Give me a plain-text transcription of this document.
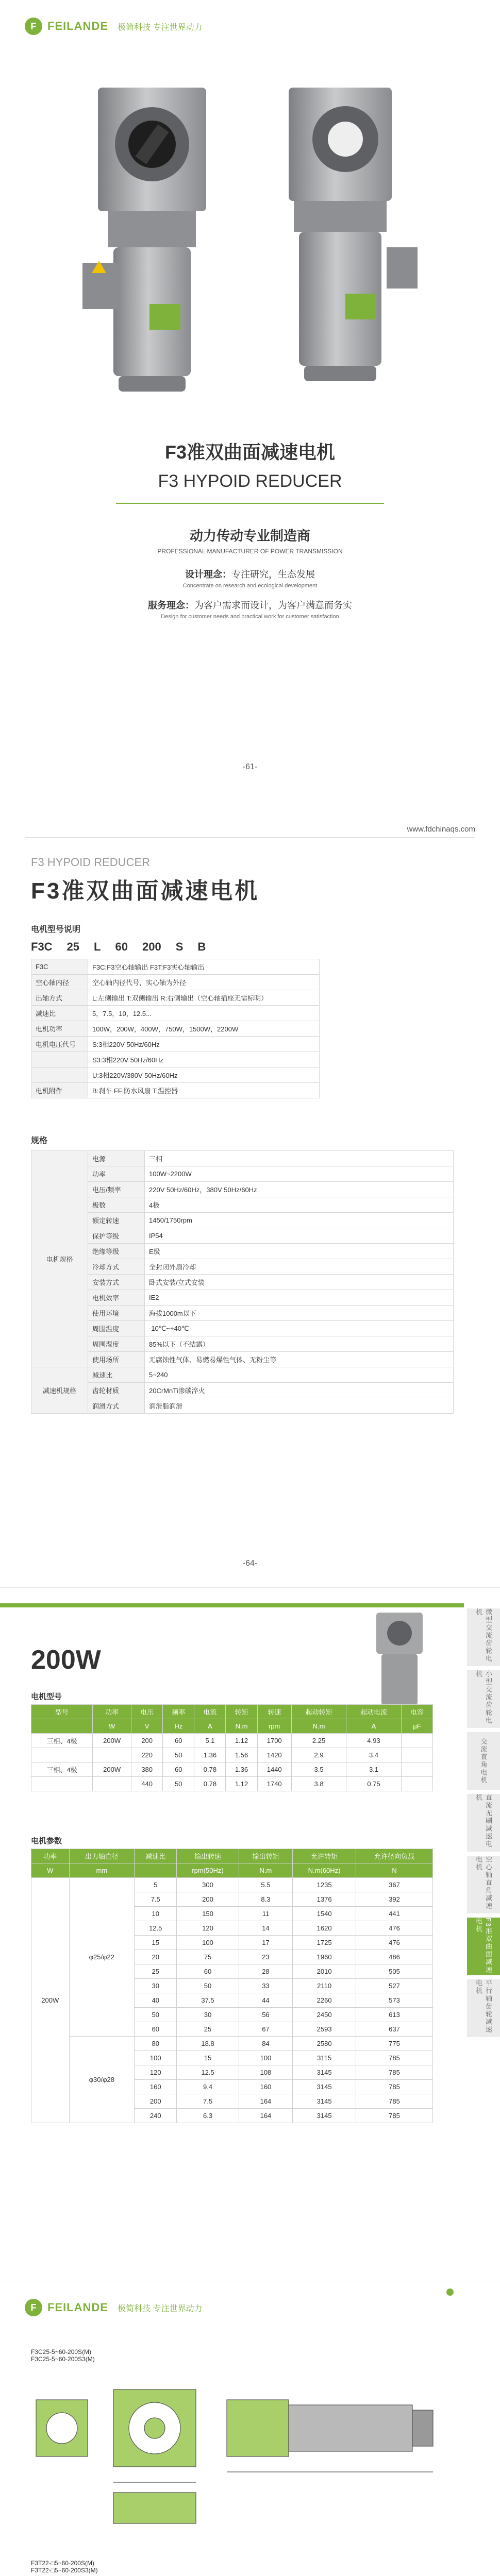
F FEILANDE 极简科技 专注世界动力
F3准双曲面减速电机
F3 HYPOID REDUCER
动力传动专业制造商
PROFESSIONAL MANUFACTURER OF POWER TRANSMISSION
设计理念：专注研究，生态发展
Concentrate on research and ecological development
服务理念：为客户需求而设计，为客户满意而务实
Design for customer needs and practical work for customer satisfaction
-61-
www.fdchinaqs.com
F3 HYPOID REDUCER
F3准双曲面减速电机
电机型号说明
F3C 25 L 60 200 S B
F3C	F3C:F3空心轴输出 F3T:F3实心轴输出
空心轴内径	空心轴内径代号，实心轴为外径
出轴方式	L:左侧输出 T:双侧输出 R:右侧输出（空心轴插座无需标明）
减速比	5，7.5，10，12.5...
电机功率	100W，200W，400W，750W，1500W，2200W
电机电压代号	S:3相220V 50Hz/60Hz
	S3:3相220V 50Hz/60Hz
	U:3相220V/380V 50Hz/60Hz
电机附件	B:刹车 FF:防水风扇 T:温控器
规格
电机规格	电源	三相
	功率	100W~2200W
	电压/频率	220V 50Hz/60Hz，380V 50Hz/60Hz
	极数	4极
	额定转速	1450/1750rpm
	保护等级	IP54
	绝缘等级	E级
	冷却方式	全封闭外扇冷却
	安装方式	卧式安装/立式安装
	电机效率	IE2
	使用环境	海拔1000m以下
	周围温度	-10℃~+40℃
	周围湿度	85%以下（不结露）
	使用场所	无腐蚀性气体、易燃易爆性气体、无粉尘等
减速机规格	减速比	5~240
	齿轮材质	20CrMnTi渗碳淬火
	润滑方式	润滑脂润滑
-64-
200W
电机型号
型号	功率	电压	频率	电流	转矩	转速	起动转矩	起动电流	电容
	W	V	Hz	A	N.m	rpm	N.m	A	μF
三相、4极	200W	200	60	5.1	1.12	1700	2.25	4.93	
		220	50	1.36	1.56	1420	2.9	3.4	
三相、4极	200W	380	60	0.78	1.36	1440	3.5	3.1	
		440	50	0.78	1.12	1740	3.8	0.75	
电机参数
功率	出力轴直径	减速比	输出转速	输出转矩	允许转矩	允许径向负载
W	mm		rpm(50Hz)	N.m	N.m(60Hz)	N
200W	φ25/φ22	5	300	5.5	1235	367
		7.5	200	8.3	1376	392
		10	150	11	1540	441
		12.5	120	14	1620	476
		15	100	17	1725	476
		20	75	23	1960	486
		25	60	28	2010	505
		30	50	33	2110	527
		40	37.5	44	2260	573
		50	30	56	2450	613
		60	25	67	2593	637
	φ30/φ28	80	18.8	84	2580	775
		100	15	100	3115	785
		120	12.5	108	3145	785
		160	9.4	160	3145	785
		200	7.5	164	3145	785
		240	6.3	164	3145	785
微型交流齿轮电机
小型交流齿轮电机
交流直角电机
直流无刷减速电机
空心轴直角减速电机
F3准双曲面减速电机
平行轴齿轮减速电机
F FEILANDE 极简科技 专注世界动力
F3C25-5~60-200S(M)
F3C25-5~60-200S3(M)
F3T22-□5~60-200S(M)
F3T22-□5~60-200S3(M)
